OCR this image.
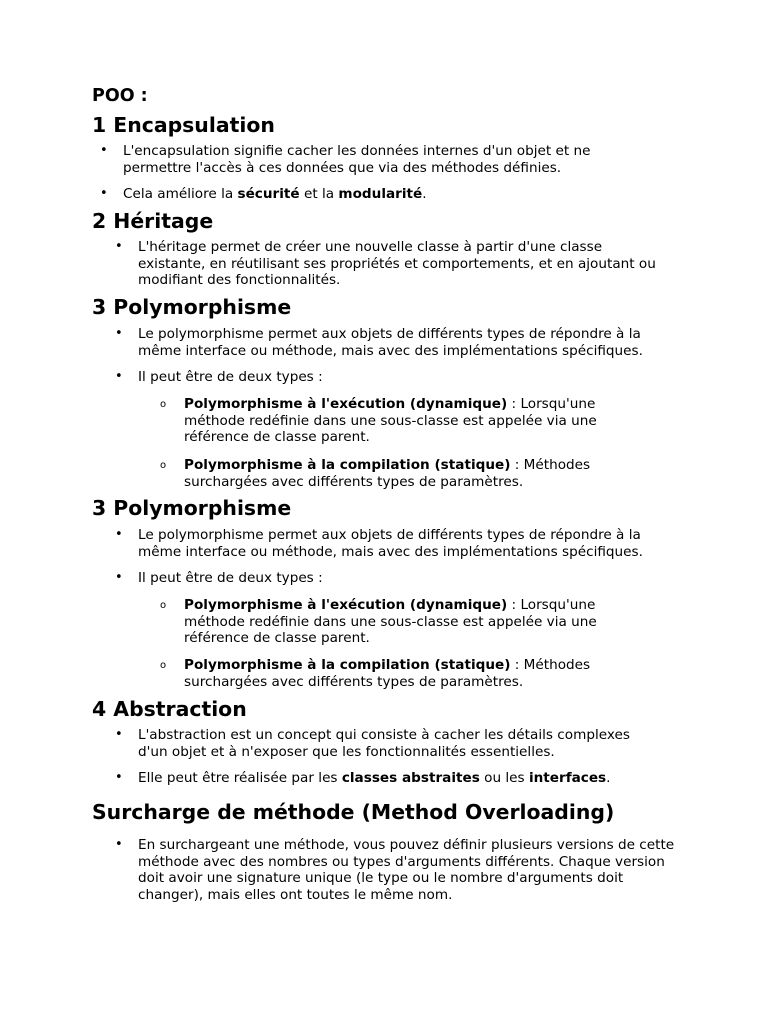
POO :
1 Encapsulation
• L'encapsulation signifie cacher les données internes d'un objet et ne permettre l'accès à ces données que via des méthodes définies.
• Cela améliore la sécurité et la modularité.
2 Héritage
• L'héritage permet de créer une nouvelle classe à partir d'une classe existante, en réutilisant ses propriétés et comportements, et en ajoutant ou modifiant des fonctionnalités.
3 Polymorphisme
• Le polymorphisme permet aux objets de différents types de répondre à la même interface ou méthode, mais avec des implémentations spécifiques.
• Il peut être de deux types :
o Polymorphisme à l'exécution (dynamique) : Lorsqu'une méthode redéfinie dans une sous-classe est appelée via une référence de classe parent.
o Polymorphisme à la compilation (statique) : Méthodes surchargées avec différents types de paramètres.
3 Polymorphisme
• Le polymorphisme permet aux objets de différents types de répondre à la même interface ou méthode, mais avec des implémentations spécifiques.
• Il peut être de deux types :
o Polymorphisme à l'exécution (dynamique) : Lorsqu'une méthode redéfinie dans une sous-classe est appelée via une référence de classe parent.
o Polymorphisme à la compilation (statique) : Méthodes surchargées avec différents types de paramètres.
4 Abstraction
• L'abstraction est un concept qui consiste à cacher les détails complexes d'un objet et à n'exposer que les fonctionnalités essentielles.
• Elle peut être réalisée par les classes abstraites ou les interfaces.
Surcharge de méthode (Method Overloading)
• En surchargeant une méthode, vous pouvez définir plusieurs versions de cette méthode avec des nombres ou types d'arguments différents. Chaque version doit avoir une signature unique (le type ou le nombre d'arguments doit changer), mais elles ont toutes le même nom.
